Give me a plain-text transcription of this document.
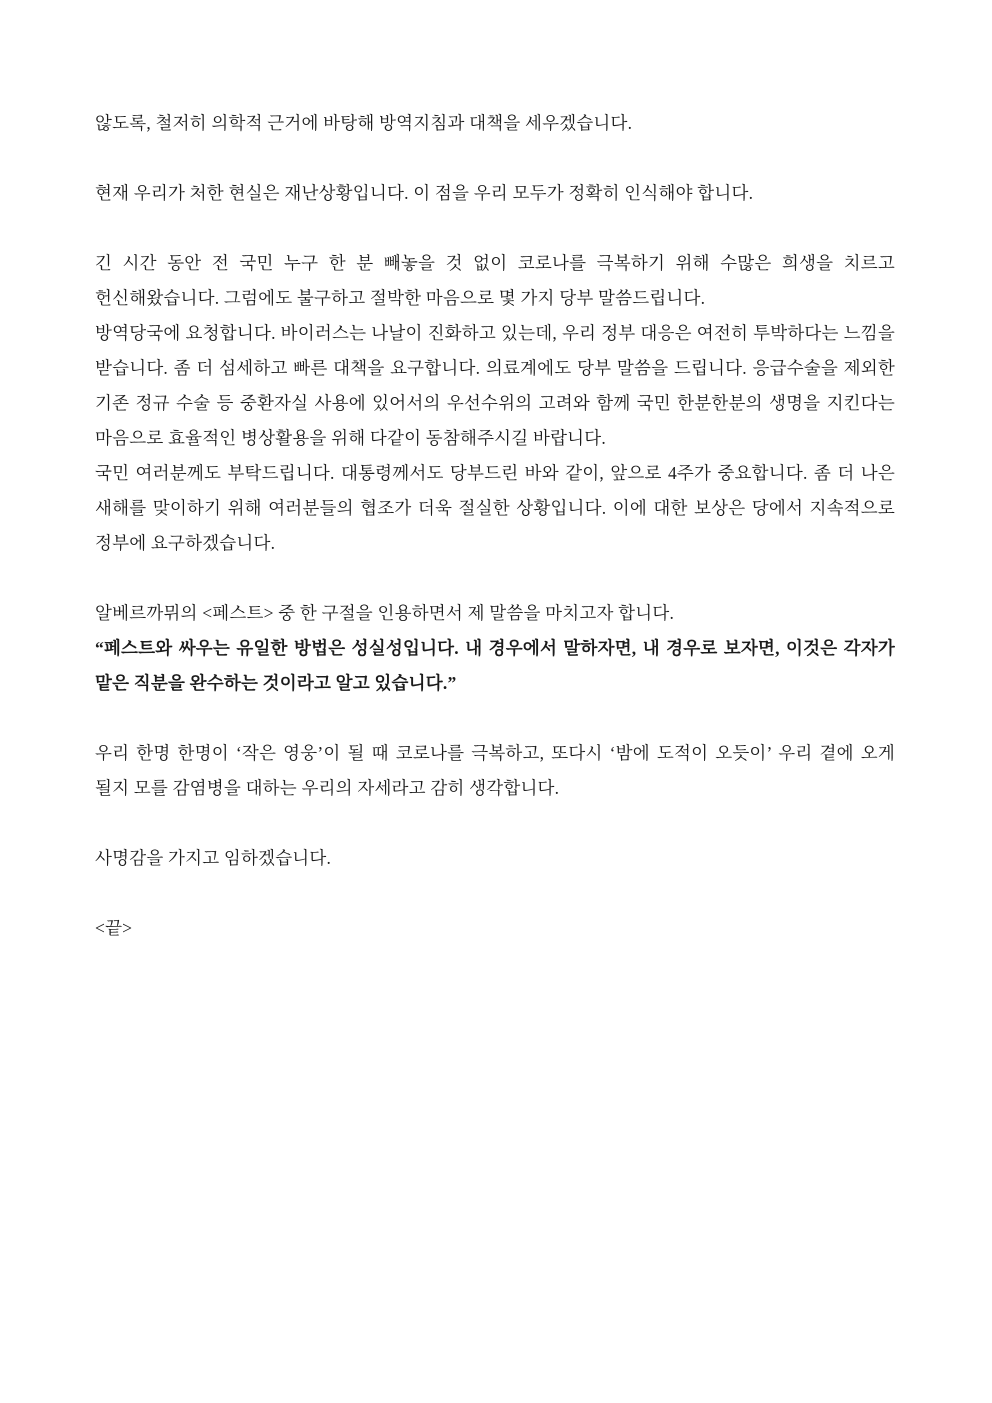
않도록, 철저히 의학적 근거에 바탕해 방역지침과 대책을 세우겠습니다.

현재 우리가 처한 현실은 재난상황입니다. 이 점을 우리 모두가 정확히 인식해야 합니다.

긴 시간 동안 전 국민 누구 한 분 빼놓을 것 없이 코로나를 극복하기 위해 수많은 희생을 치르고 헌신해왔습니다. 그럼에도 불구하고 절박한 마음으로 몇 가지 당부 말씀드립니다.

방역당국에 요청합니다. 바이러스는 나날이 진화하고 있는데, 우리 정부 대응은 여전히 투박하다는 느낌을 받습니다. 좀 더 섬세하고 빠른 대책을 요구합니다. 의료계에도 당부 말씀을 드립니다. 응급수술을 제외한 기존 정규 수술 등 중환자실 사용에 있어서의 우선수위의 고려와 함께 국민 한분한분의 생명을 지킨다는 마음으로 효율적인 병상활용을 위해 다같이 동참해주시길 바랍니다.

국민 여러분께도 부탁드립니다. 대통령께서도 당부드린 바와 같이, 앞으로 4주가 중요합니다. 좀 더 나은 새해를 맞이하기 위해 여러분들의 협조가 더욱 절실한 상황입니다. 이에 대한 보상은 당에서 지속적으로 정부에 요구하겠습니다.

알베르까뮈의 <페스트> 중 한 구절을 인용하면서 제 말씀을 마치고자 합니다.

“페스트와 싸우는 유일한 방법은 성실성입니다. 내 경우에서 말하자면, 내 경우로 보자면, 이것은 각자가 맡은 직분을 완수하는 것이라고 알고 있습니다.”

우리 한명 한명이 ‘작은 영웅’이 될 때 코로나를 극복하고, 또다시 ‘밤에 도적이 오듯이’ 우리 곁에 오게 될지 모를 감염병을 대하는 우리의 자세라고 감히 생각합니다.

사명감을 가지고 임하겠습니다.

<끝>
